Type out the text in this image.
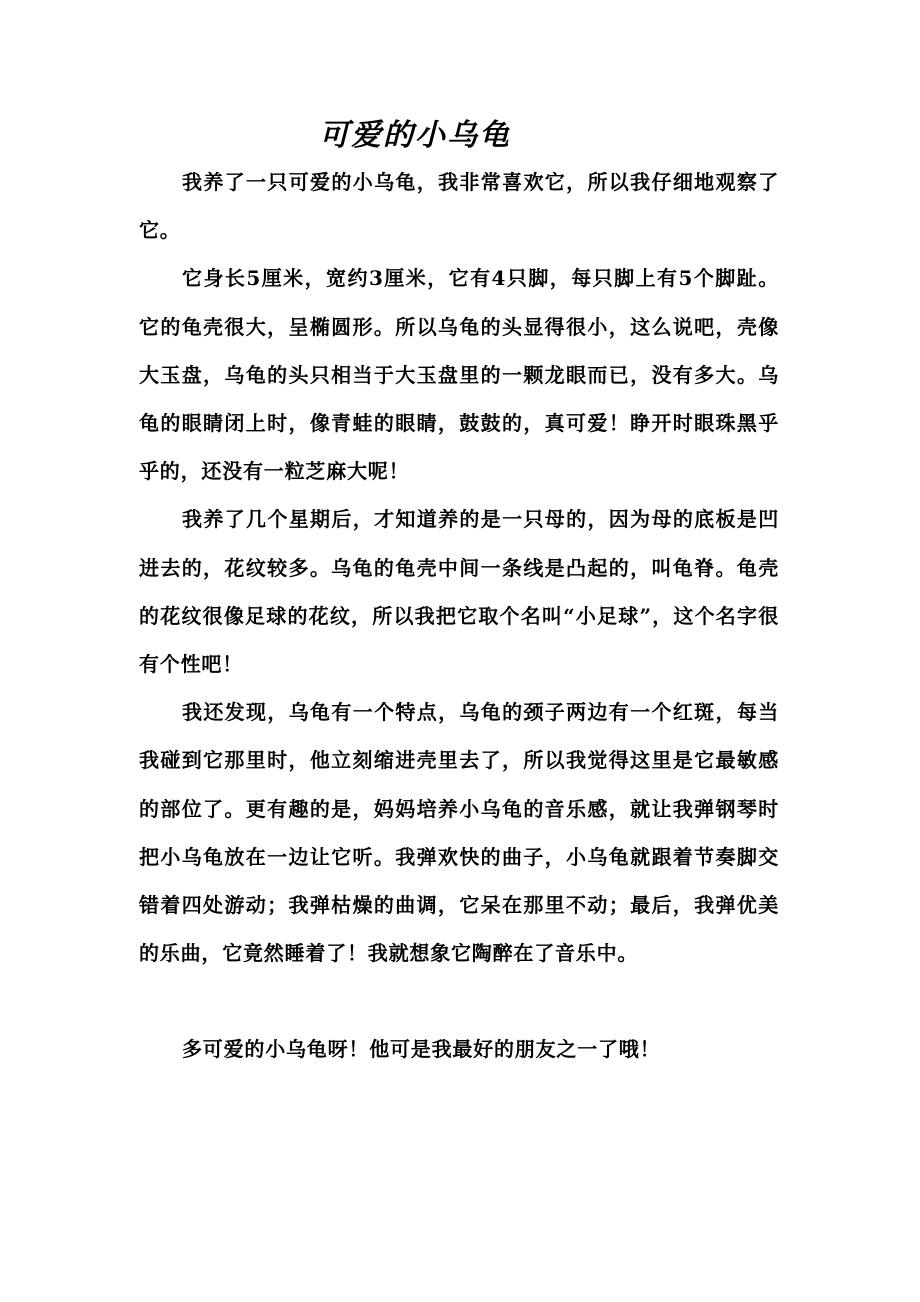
可爱的小乌龟

我养了一只可爱的小乌龟，我非常喜欢它，所以我仔细地观察了它。

它身长5厘米，宽约3厘米，它有4只脚，每只脚上有5个脚趾。它的龟壳很大，呈椭圆形。所以乌龟的头显得很小，这么说吧，壳像大玉盘，乌龟的头只相当于大玉盘里的一颗龙眼而已，没有多大。乌龟的眼睛闭上时，像青蛙的眼睛，鼓鼓的，真可爱！睁开时眼珠黑乎乎的，还没有一粒芝麻大呢！

我养了几个星期后，才知道养的是一只母的，因为母的底板是凹进去的，花纹较多。乌龟的龟壳中间一条线是凸起的，叫龟脊。龟壳的花纹很像足球的花纹，所以我把它取个名叫“小足球”，这个名字很有个性吧！

我还发现，乌龟有一个特点，乌龟的颈子两边有一个红斑，每当我碰到它那里时，他立刻缩进壳里去了，所以我觉得这里是它最敏感的部位了。更有趣的是，妈妈培养小乌龟的音乐感，就让我弹钢琴时把小乌龟放在一边让它听。我弹欢快的曲子，小乌龟就跟着节奏脚交错着四处游动；我弹枯燥的曲调，它呆在那里不动；最后，我弹优美的乐曲，它竟然睡着了！我就想象它陶醉在了音乐中。

多可爱的小乌龟呀！他可是我最好的朋友之一了哦！
